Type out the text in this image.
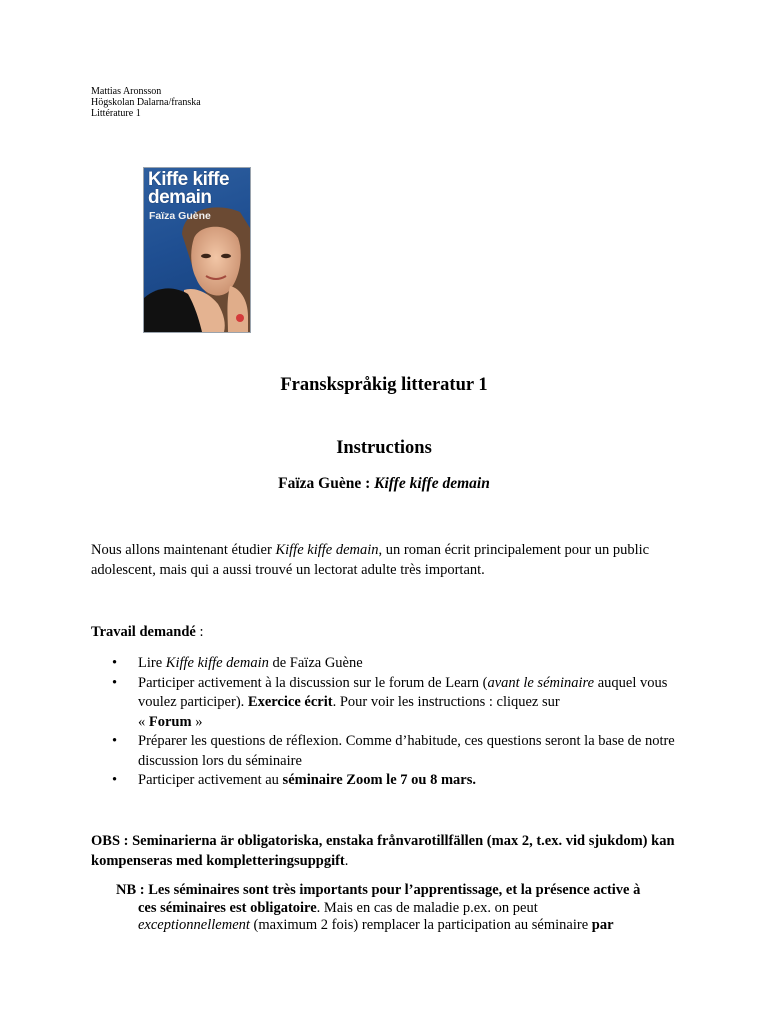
Mattias Aronsson
Högskolan Dalarna/franska
Littérature 1
Kiffe kiffe
demain
Faïza Guène
Franskspråkig litteratur 1
Instructions
Faïza Guène : Kiffe kiffe demain
Nous allons maintenant étudier Kiffe kiffe demain, un roman écrit principalement pour un public adolescent, mais qui a aussi trouvé un lectorat adulte très important.
Travail demandé :
• Lire Kiffe kiffe demain de Faïza Guène
• Participer activement à la discussion sur le forum de Learn (avant le séminaire auquel vous voulez participer). Exercice écrit. Pour voir les instructions : cliquez sur
« Forum »
• Préparer les questions de réflexion. Comme d’habitude, ces questions seront la base de notre discussion lors du séminaire
• Participer activement au séminaire Zoom le 7 ou 8 mars.
OBS : Seminarierna är obligatoriska, enstaka frånvarotillfällen (max 2, t.ex. vid sjukdom) kan kompenseras med kompletteringsuppgift.
NB : Les séminaires sont très importants pour l’apprentissage, et la présence active à
ces séminaires est obligatoire. Mais en cas de maladie p.ex. on peut
exceptionnellement (maximum 2 fois) remplacer la participation au séminaire par
